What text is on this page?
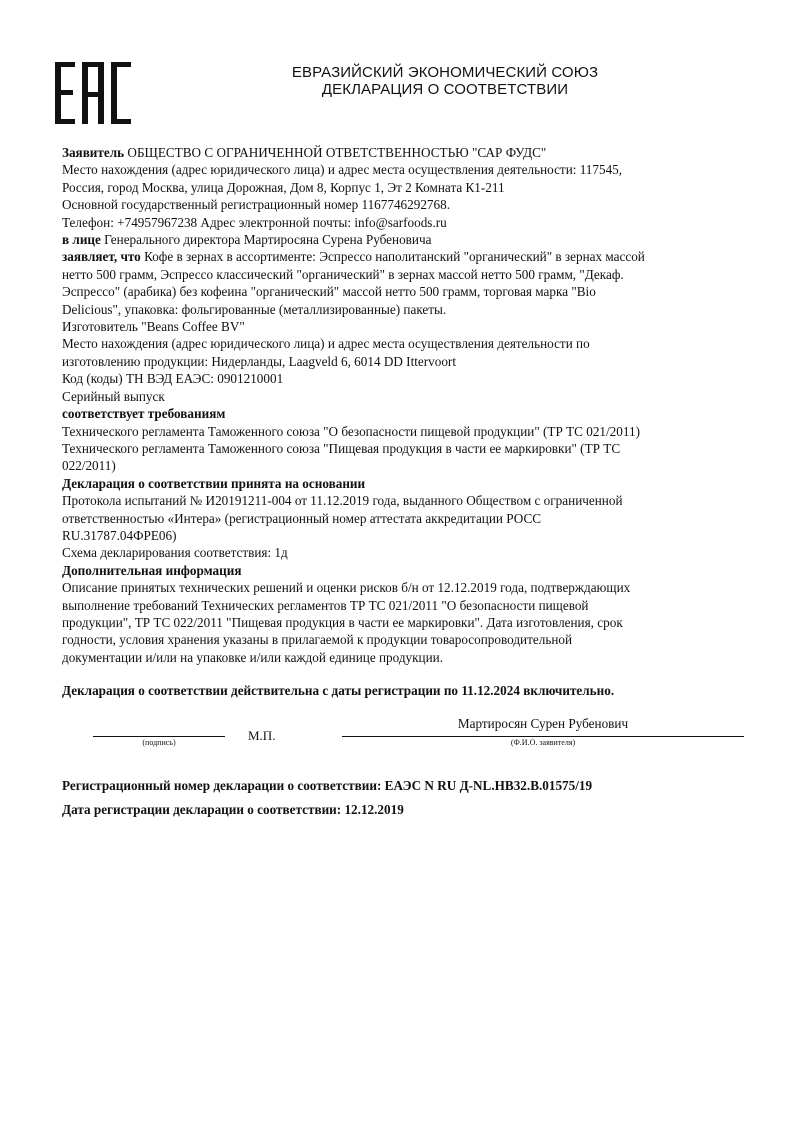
ЕВРАЗИЙСКИЙ ЭКОНОМИЧЕСКИЙ СОЮЗ
ДЕКЛАРАЦИЯ О СООТВЕТСТВИИ
Заявитель ОБЩЕСТВО С ОГРАНИЧЕННОЙ ОТВЕТСТВЕННОСТЬЮ "САР ФУДС"
Место нахождения (адрес юридического лица) и адрес места осуществления деятельности: 117545,
Россия, город Москва, улица Дорожная, Дом 8, Корпус 1, Эт 2 Комната К1-211
Основной государственный регистрационный номер 1167746292768.
Телефон: +74957967238 Адрес электронной почты: info@sarfoods.ru
в лице Генерального директора Мартиросяна Сурена Рубеновича
заявляет, что Кофе в зернах в ассортименте: Эспрессо наполитанский "органический" в зернах массой
нетто 500 грамм, Эспрессо классический "органический" в зернах массой нетто 500 грамм, "Декаф.
Эспрессо" (арабика) без кофеина "органический" массой нетто 500 грамм, торговая марка "Bio
Delicious", упаковка: фольгированные (металлизированные) пакеты.
Изготовитель "Beans Coffee BV"
Место нахождения (адрес юридического лица) и адрес места осуществления деятельности по
изготовлению продукции: Нидерланды, Laagveld 6, 6014 DD Ittervoort
Код (коды) ТН ВЭД ЕАЭС: 0901210001
Серийный выпуск
соответствует требованиям
Технического регламента Таможенного союза "О безопасности пищевой продукции" (ТР ТС 021/2011)
Технического регламента Таможенного союза "Пищевая продукция в части ее маркировки" (ТР ТС
022/2011)
Декларация о соответствии принята на основании
Протокола испытаний № И20191211-004 от 11.12.2019 года, выданного Обществом с ограниченной
ответственностью «Интера» (регистрационный номер аттестата аккредитации РОСС
RU.31787.04ФРЕ06)
Схема декларирования соответствия: 1д
Дополнительная информация
Описание принятых технических решений и оценки рисков б/н от 12.12.2019 года, подтверждающих
выполнение требований Технических регламентов ТР ТС 021/2011 "О безопасности пищевой
продукции", ТР ТС 022/2011 "Пищевая продукция в части ее маркировки". Дата изготовления, срок
годности, условия хранения указаны в прилагаемой к продукции товаросопроводительной
документации и/или на упаковке и/или каждой единице продукции.
Декларация о соответствии действительна с даты регистрации по 11.12.2024 включительно.
(подпись)	М.П.
Мартиросян Сурен Рубенович
(Ф.И.О. заявителя)
Регистрационный номер декларации о соответствии: ЕАЭС N RU Д-NL.НВ32.В.01575/19
Дата регистрации декларации о соответствии: 12.12.2019
